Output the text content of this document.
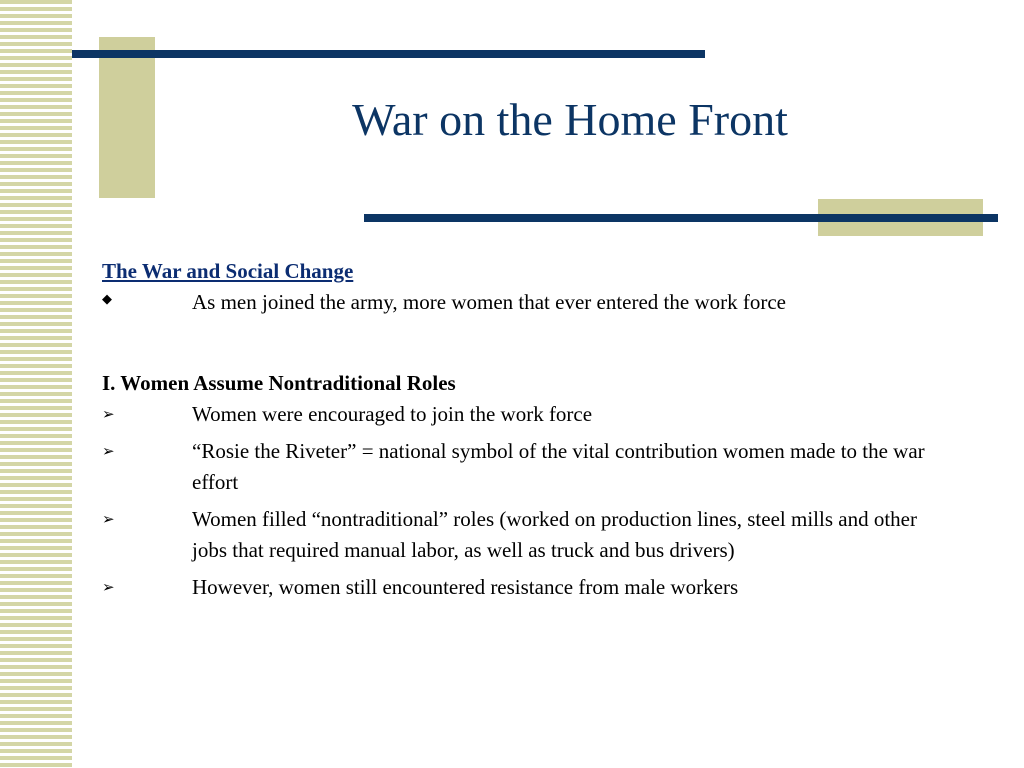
War on the Home Front
The War and Social Change
◆	As men joined the army, more women that ever entered the work force
I. Women Assume Nontraditional Roles
➢	Women were encouraged to join the work force
➢	“Rosie the Riveter” = national symbol of the vital contribution women made to the war effort
➢	Women filled “nontraditional” roles (worked on production lines, steel mills and other jobs that required manual labor, as well as truck and bus drivers)
➢	However, women still encountered resistance from male workers
